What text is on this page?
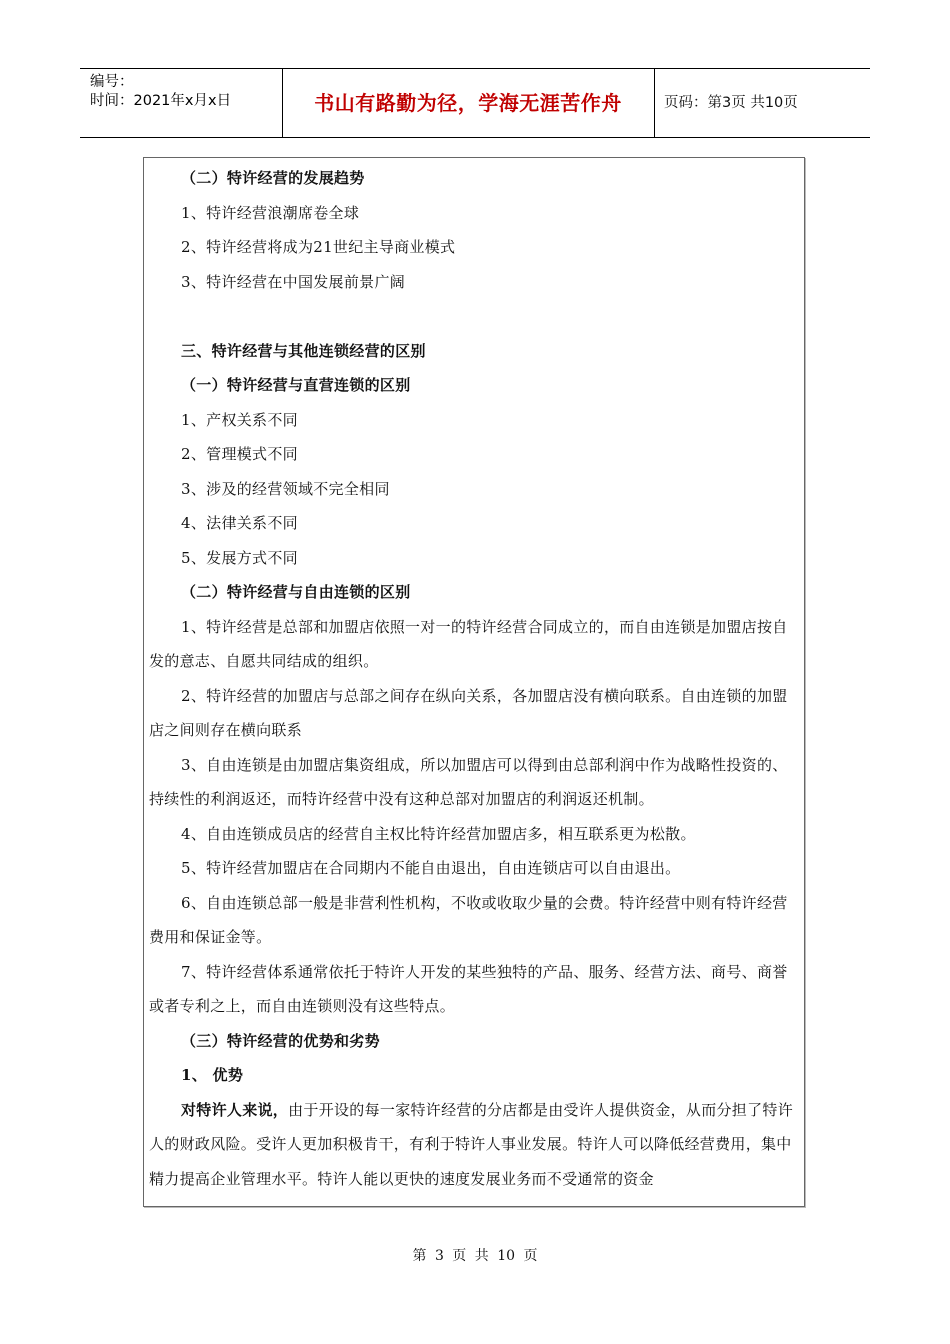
编号：
时间：2021年x月x日	书山有路勤为径，学海无涯苦作舟	页码：第3页 共10页

（二）特许经营的发展趋势

1、特许经营浪潮席卷全球

2、特许经营将成为21世纪主导商业模式

3、特许经营在中国发展前景广阔

三、特许经营与其他连锁经营的区别

（一）特许经营与直营连锁的区别

1、产权关系不同

2、管理模式不同

3、涉及的经营领域不完全相同

4、法律关系不同

5、发展方式不同

（二）特许经营与自由连锁的区别

1、特许经营是总部和加盟店依照一对一的特许经营合同成立的，而自由连锁是加盟店按自发的意志、自愿共同结成的组织。

2、特许经营的加盟店与总部之间存在纵向关系，各加盟店没有横向联系。自由连锁的加盟店之间则存在横向联系

3、自由连锁是由加盟店集资组成，所以加盟店可以得到由总部利润中作为战略性投资的、持续性的利润返还，而特许经营中没有这种总部对加盟店的利润返还机制。

4、自由连锁成员店的经营自主权比特许经营加盟店多，相互联系更为松散。

5、特许经营加盟店在合同期内不能自由退出，自由连锁店可以自由退出。

6、自由连锁总部一般是非营利性机构，不收或收取少量的会费。特许经营中则有特许经营费用和保证金等。

7、特许经营体系通常依托于特许人开发的某些独特的产品、服务、经营方法、商号、商誉或者专利之上，而自由连锁则没有这些特点。

（三）特许经营的优势和劣势

1、 优势

对特许人来说，由于开设的每一家特许经营的分店都是由受许人提供资金，从而分担了特许人的财政风险。受许人更加积极肯干，有利于特许人事业发展。特许人可以降低经营费用，集中精力提高企业管理水平。特许人能以更快的速度发展业务而不受通常的资金

第 3 页 共 10 页
